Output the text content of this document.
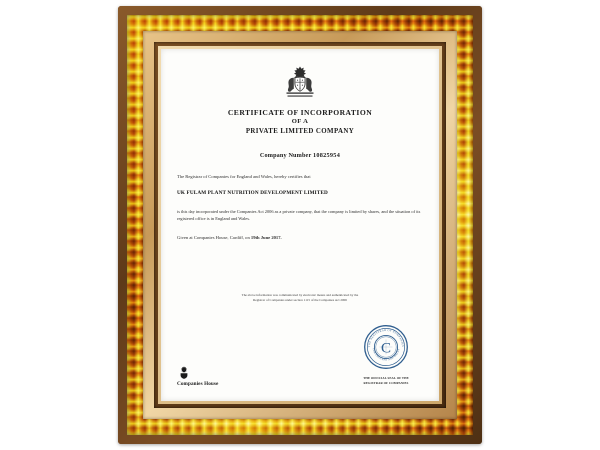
CERTIFICATE OF INCORPORATION
OF A
PRIVATE LIMITED COMPANY
Company Number 10825954
The Registrar of Companies for England and Wales, hereby certifies that
UK FULAM PLANT NUTRITION DEVELOPMENT LIMITED
is this day incorporated under the Companies Act 2006 as a private company, that the company is limited by shares, and the situation of its registered office is in England and Wales.
Given at Companies House, Cardiff, on 19th June 2017.
The above information was communicated by electronic means and authenticated by the
Registrar of Companies under section 1115 of the Companies Act 2006
Companies House
THE REGISTRAR OF COMPANIES
FOR ENGLAND AND WALES
C
THE OFFICIAL SEAL OF THE
REGISTRAR OF COMPANIES
